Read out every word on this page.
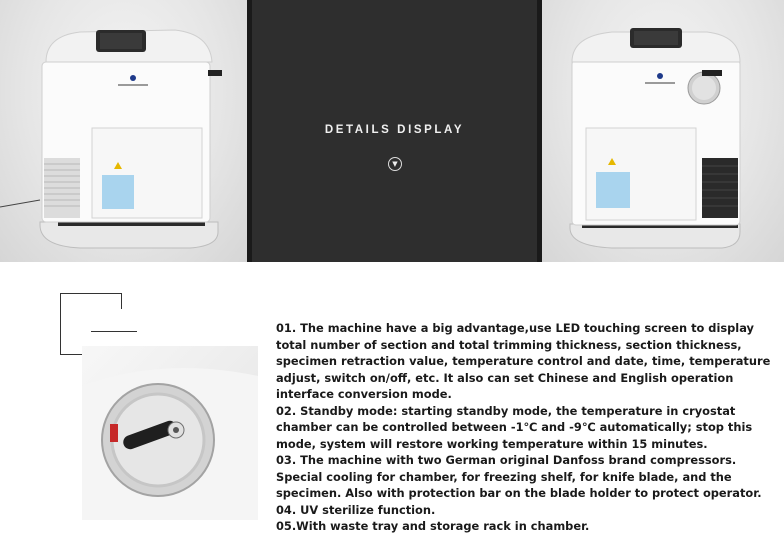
DETAILS DISPLAY
▼

01. The machine have a big advantage,use LED touching screen to display total number of section and total trimming thickness, section thickness, specimen retraction value, temperature control and date, time, temperature adjust, switch on/off, etc. It also can set Chinese and English operation interface conversion mode.

02. Standby mode: starting standby mode, the temperature in cryostat chamber can be controlled between -1℃ and -9℃ automatically; stop this mode, system will restore working temperature within 15 minutes.

03. The machine with two German original Danfoss brand compressors. Special cooling for chamber, for freezing shelf, for knife blade, and the specimen. Also with protection bar on the blade holder to protect operator.

04. UV sterilize function.

05.With waste tray and storage rack in chamber.
